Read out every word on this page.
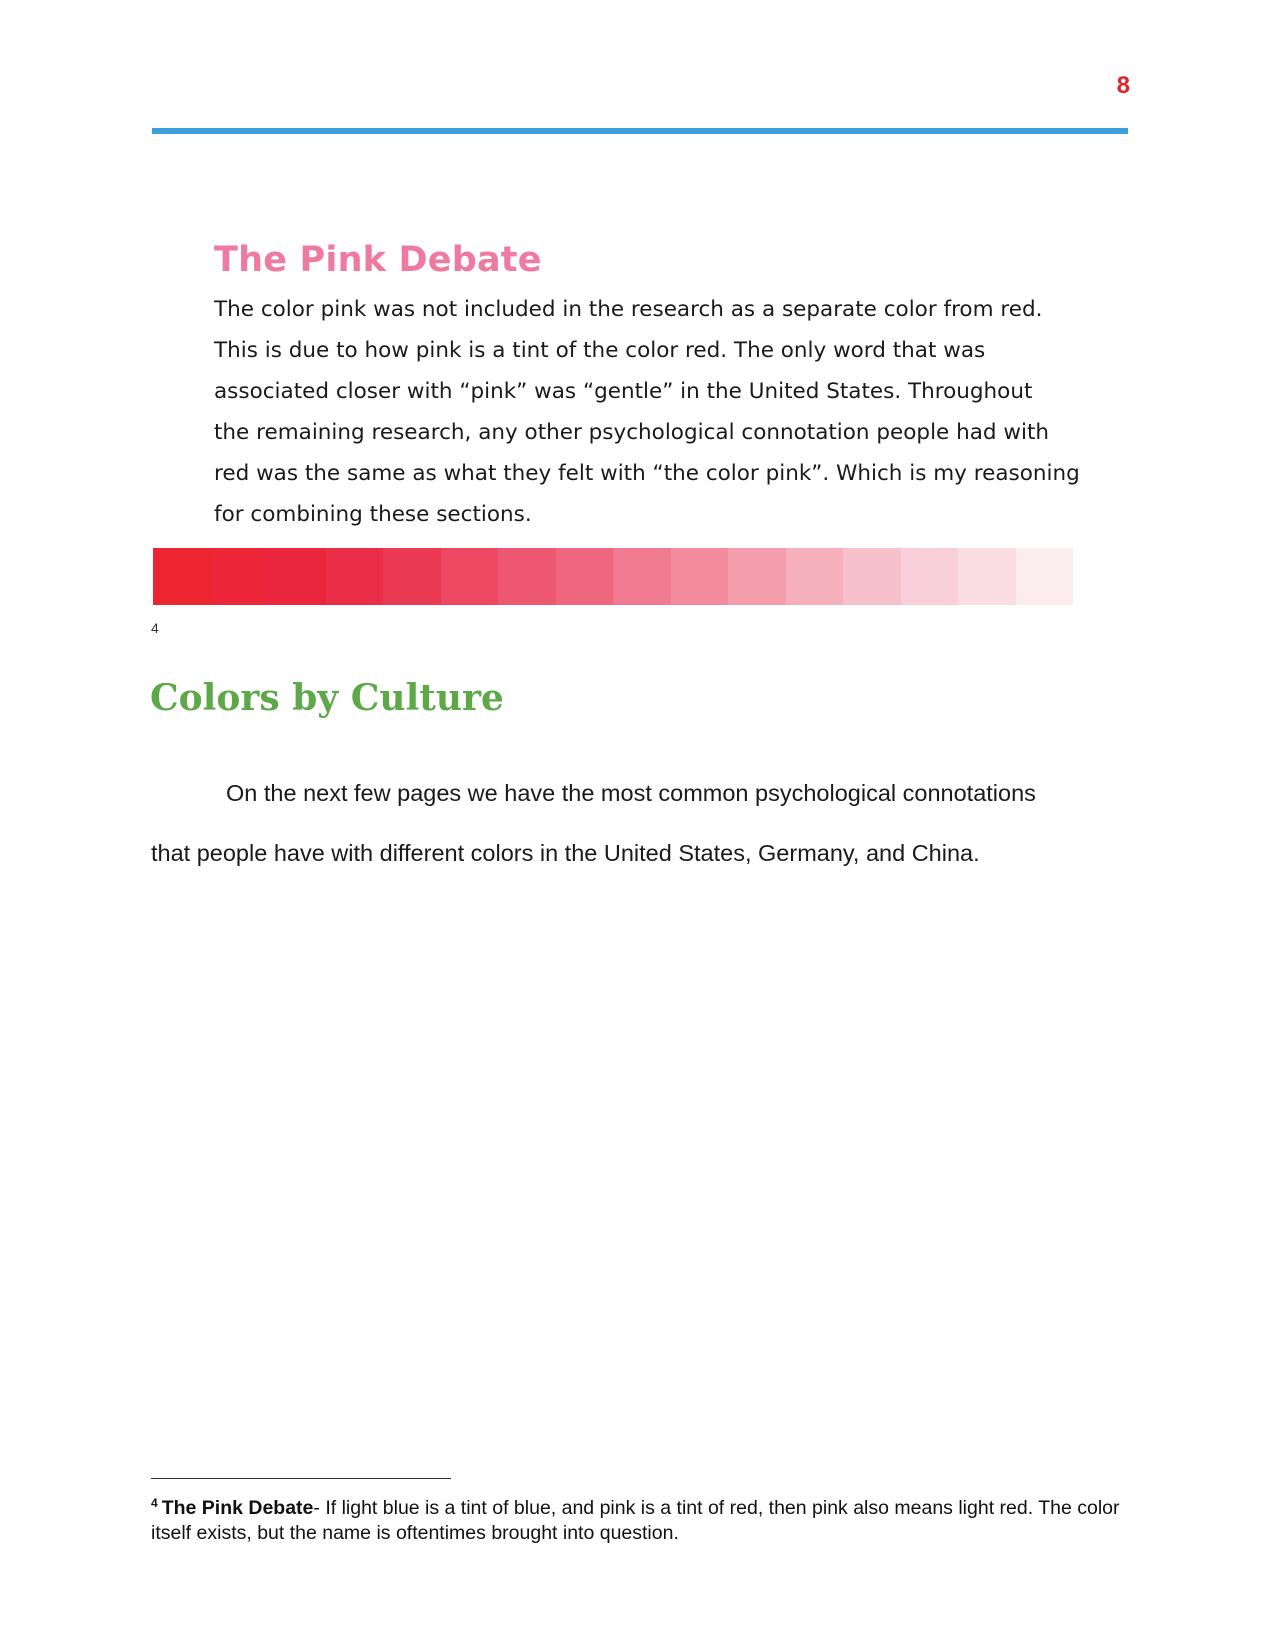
8
The Pink Debate

The color pink was not included in the research as a separate color from red.
This is due to how pink is a tint of the color red. The only word that was
associated closer with “pink” was “gentle” in the United States. Throughout
the remaining research, any other psychological connotation people had with
red was the same as what they felt with “the color pink”. Which is my reasoning
for combining these sections.

4
Colors by Culture

On the next few pages we have the most common psychological connotations
that people have with different colors in the United States, Germany, and China.

$^4$ The Pink Debate- If light blue is a tint of blue, and pink is a tint of red, then pink also means light red. The color itself exists, but the name is oftentimes brought into question.
